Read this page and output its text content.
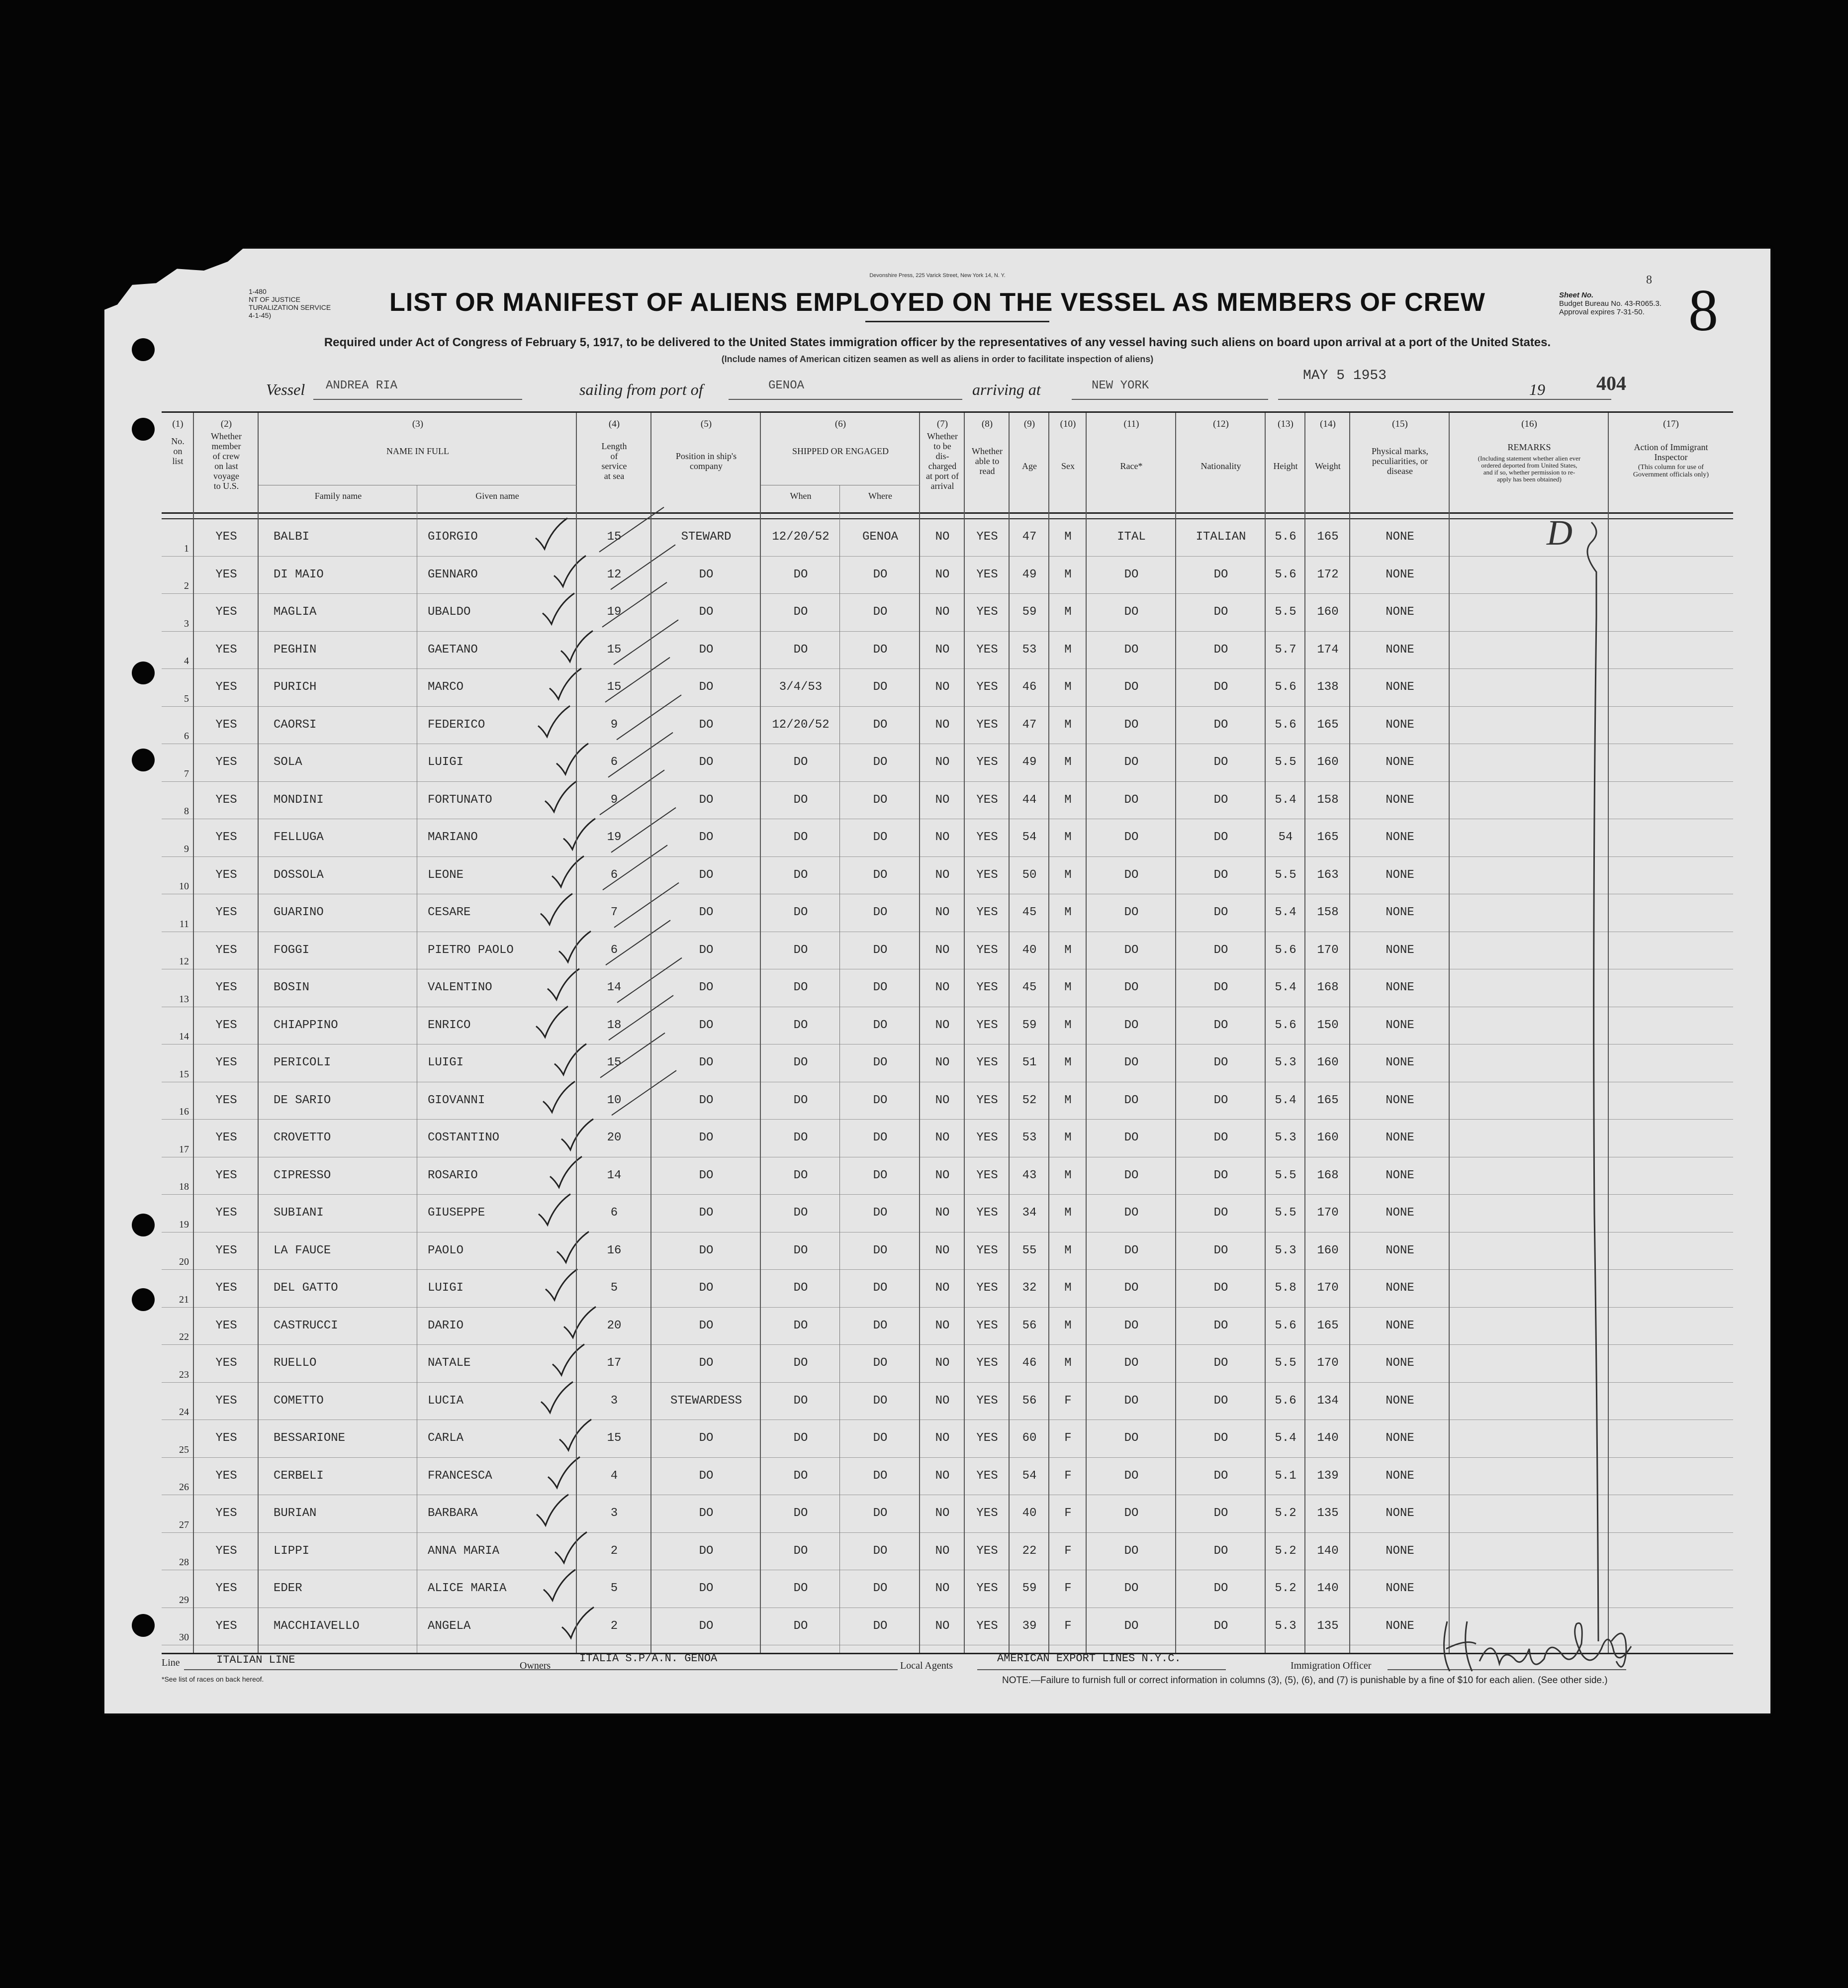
Devonshire Press, 225 Varick Street, New York 14, N. Y.
1-480
NT OF JUSTICE
TURALIZATION SERVICE
4-1-45)	LIST OR MANIFEST OF ALIENS EMPLOYED ON THE VESSEL AS MEMBERS OF CREW
Required under Act of Congress of February 5, 1917, to be delivered to the United States immigration officer by the representatives of any vessel having such aliens on board upon arrival at a port of the United States.
(Include names of American citizen seamen as well as aliens in order to facilitate inspection of aliens)
Sheet No.
Budget Bureau No. 43-R065.3.
Approval expires 7-31-50.
8 8
Vessel ANDREA RIA	sailing from port of	GENOA	arriving at	NEW YORK
MAY 5 1953
19	404
(1)	(2)	(3)	(4)	(5)	(6)	(7)	(8)	(9)	(10)	(11)	(12)	(13)	(14)	(15)	(16)	(17)
1
YES	BALBI	GIORGIO	15	STEWARD	12/20/52	GENOA	NO	YES	47	M	ITAL	ITALIAN	5.6	165	NONE
2
YES	DI MAIO	GENNARO	12	DO	DO	DO	NO	YES	49	M	DO	DO	5.6	172	NONE
3
YES	MAGLIA	UBALDO	19	DO	DO	DO	NO	YES	59	M	DO	DO	5.5	160	NONE
4
YES	PEGHIN	GAETANO	15	DO	DO	DO	NO	YES	53	M	DO	DO	5.7	174	NONE
5
YES	PURICH	MARCO	15	DO	3/4/53	DO	NO	YES	46	M	DO	DO	5.6	138	NONE
6
YES	CAORSI	FEDERICO	9	DO	12/20/52	DO	NO	YES	47	M	DO	DO	5.6	165	NONE
7
YES	SOLA	LUIGI	6	DO	DO	DO	NO	YES	49	M	DO	DO	5.5	160	NONE
8
YES	MONDINI	FORTUNATO	9	DO	DO	DO	NO	YES	44	M	DO	DO	5.4	158	NONE
9
YES	FELLUGA	MARIANO	19	DO	DO	DO	NO	YES	54	M	DO	DO	54	165	NONE
10
YES	DOSSOLA	LEONE	6	DO	DO	DO	NO	YES	50	M	DO	DO	5.5	163	NONE
11
YES	GUARINO	CESARE	7	DO	DO	DO	NO	YES	45	M	DO	DO	5.4	158	NONE
12
YES	FOGGI	PIETRO PAOLO	6	DO	DO	DO	NO	YES	40	M	DO	DO	5.6	170	NONE
13
YES	BOSIN	VALENTINO	14	DO	DO	DO	NO	YES	45	M	DO	DO	5.4	168	NONE
14
YES	CHIAPPINO	ENRICO	18	DO	DO	DO	NO	YES	59	M	DO	DO	5.6	150	NONE
15
YES	PERICOLI	LUIGI	15	DO	DO	DO	NO	YES	51	M	DO	DO	5.3	160	NONE
16
YES	DE SARIO	GIOVANNI	10	DO	DO	DO	NO	YES	52	M	DO	DO	5.4	165	NONE
17
YES	CROVETTO	COSTANTINO	20	DO	DO	DO	NO	YES	53	M	DO	DO	5.3	160	NONE
18
YES	CIPRESSO	ROSARIO	14	DO	DO	DO	NO	YES	43	M	DO	DO	5.5	168	NONE
19
YES	SUBIANI	GIUSEPPE	6	DO	DO	DO	NO	YES	34	M	DO	DO	5.5	170	NONE
20
YES	LA FAUCE	PAOLO	16	DO	DO	DO	NO	YES	55	M	DO	DO	5.3	160	NONE
21
YES	DEL GATTO	LUIGI	5	DO	DO	DO	NO	YES	32	M	DO	DO	5.8	170	NONE
22
YES	CASTRUCCI	DARIO	20	DO	DO	DO	NO	YES	56	M	DO	DO	5.6	165	NONE
23
YES	RUELLO	NATALE	17	DO	DO	DO	NO	YES	46	M	DO	DO	5.5	170	NONE
24
YES	COMETTO	LUCIA	3	STEWARDESS	DO	DO	NO	YES	56	F	DO	DO	5.6	134	NONE
25
YES	BESSARIONE	CARLA	15	DO	DO	DO	NO	YES	60	F	DO	DO	5.4	140	NONE
26
YES	CERBELI	FRANCESCA	4	DO	DO	DO	NO	YES	54	F	DO	DO	5.1	139	NONE
27
YES	BURIAN	BARBARA	3	DO	DO	DO	NO	YES	40	F	DO	DO	5.2	135	NONE
28
YES	LIPPI	ANNA MARIA	2	DO	DO	DO	NO	YES	22	F	DO	DO	5.2	140	NONE
29
YES	EDER	ALICE MARIA	5	DO	DO	DO	NO	YES	59	F	DO	DO	5.2	140	NONE
30
YES	MACCHIAVELLO	ANGELA	2	DO	DO	DO	NO	YES	39	F	DO	DO	5.3	135	NONE
No.
on
list
Whether
member
of crew
on last
voyage
to U.S.
NAME IN FULL
Family name	Given name
Length
of
service
at sea
Position in ship's
company
SHIPPED OR ENGAGED
When	Where
Whether
to be
dis-
charged
at port of
arrival
Whether
able to
read	Age	Sex	Race*	Nationality	Height	Weight
Physical marks,
peculiarities, or
disease
REMARKS
(Including statement whether alien ever
ordered deported from United States,
and if so, whether permission to re-
apply has been obtained)
Action of Immigrant
Inspector
(This column for use of
Government officials only)
D
Line	ITALIAN LINE	Owners
ITALIA S.P/A.N. GENOA
Local Agents
AMERICAN EXPORT LINES N.Y.C.
Immigration Officer
*See list of races on back hereof.	NOTE.—Failure to furnish full or correct information in columns (3), (5), (6), and (7) is punishable by a fine of $10 for each alien. (See other side.)
